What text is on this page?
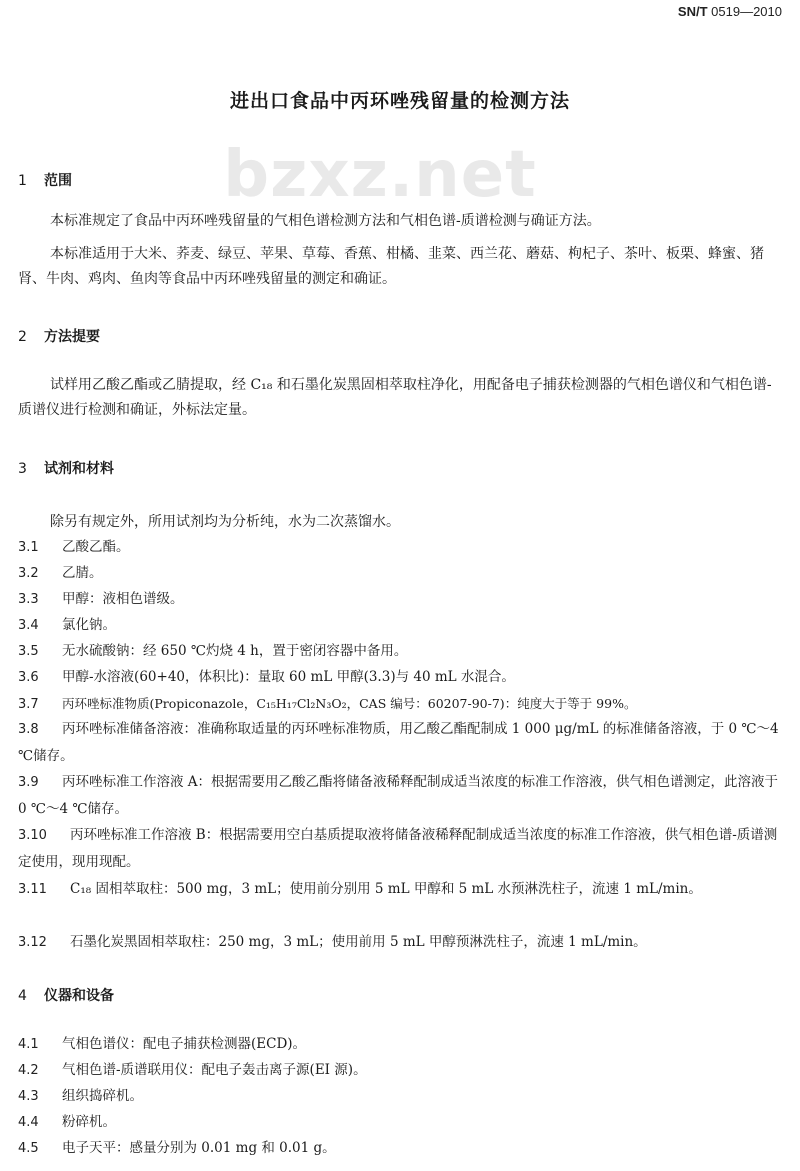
SN/T 0519—2010
进出口食品中丙环唑残留量的检测方法
bzxz.net
1 范围
本标准规定了食品中丙环唑残留量的气相色谱检测方法和气相色谱-质谱检测与确证方法。
本标准适用于大米、荞麦、绿豆、苹果、草莓、香蕉、柑橘、韭菜、西兰花、蘑菇、枸杞子、茶叶、板栗、蜂蜜、猪肾、牛肉、鸡肉、鱼肉等食品中丙环唑残留量的测定和确证。
2 方法提要
试样用乙酸乙酯或乙腈提取，经 C₁₈ 和石墨化炭黑固相萃取柱净化，用配备电子捕获检测器的气相色谱仪和气相色谱-质谱仪进行检测和确证，外标法定量。
3 试剂和材料
除另有规定外，所用试剂均为分析纯，水为二次蒸馏水。
3.1 乙酸乙酯。
3.2 乙腈。
3.3 甲醇：液相色谱级。
3.4 氯化钠。
3.5 无水硫酸钠：经 650 ℃灼烧 4 h，置于密闭容器中备用。
3.6 甲醇-水溶液(60+40，体积比)：量取 60 mL 甲醇(3.3)与 40 mL 水混合。
3.7 丙环唑标准物质(Propiconazole，C₁₅H₁₇Cl₂N₃O₂，CAS 编号：60207-90-7)：纯度大于等于 99%。
3.8 丙环唑标准储备溶液：准确称取适量的丙环唑标准物质，用乙酸乙酯配制成 1 000 μg/mL 的标准储备溶液，于 0 ℃～4 ℃储存。
3.9 丙环唑标准工作溶液 A：根据需要用乙酸乙酯将储备液稀释配制成适当浓度的标准工作溶液，供气相色谱测定，此溶液于 0 ℃～4 ℃储存。
3.10 丙环唑标准工作溶液 B：根据需要用空白基质提取液将储备液稀释配制成适当浓度的标准工作溶液，供气相色谱-质谱测定使用，现用现配。
3.11 C₁₈ 固相萃取柱：500 mg，3 mL；使用前分别用 5 mL 甲醇和 5 mL 水预淋洗柱子，流速 1 mL/min。
3.12 石墨化炭黑固相萃取柱：250 mg，3 mL；使用前用 5 mL 甲醇预淋洗柱子，流速 1 mL/min。
4 仪器和设备
4.1 气相色谱仪：配电子捕获检测器(ECD)。
4.2 气相色谱-质谱联用仪：配电子轰击离子源(EI 源)。
4.3 组织捣碎机。
4.4 粉碎机。
4.5 电子天平：感量分别为 0.01 mg 和 0.01 g。
